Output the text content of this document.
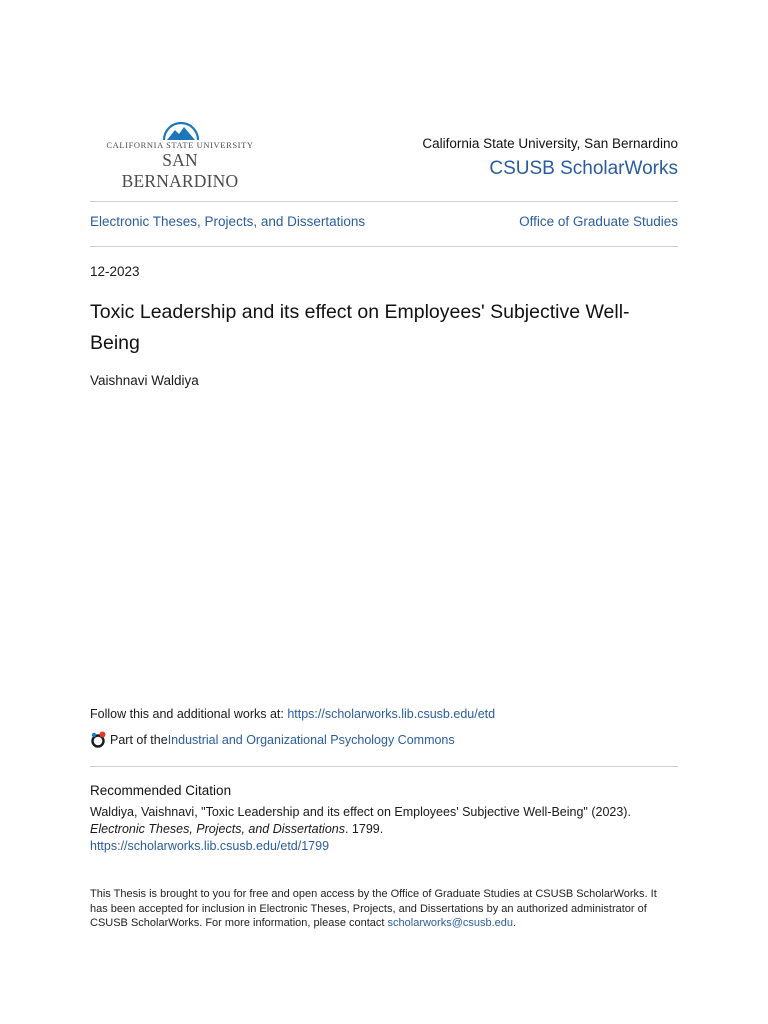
CALIFORNIA STATE UNIVERSITY
SAN BERNARDINO
California State University, San Bernardino
CSUSB ScholarWorks
Electronic Theses, Projects, and Dissertations	Office of Graduate Studies
12-2023
Toxic Leadership and its effect on Employees' Subjective Well-Being
Vaishnavi Waldiya
Follow this and additional works at: https://scholarworks.lib.csusb.edu/etd
Part of the Industrial and Organizational Psychology Commons
Recommended Citation
Waldiya, Vaishnavi, "Toxic Leadership and its effect on Employees' Subjective Well-Being" (2023).
Electronic Theses, Projects, and Dissertations. 1799.
https://scholarworks.lib.csusb.edu/etd/1799
This Thesis is brought to you for free and open access by the Office of Graduate Studies at CSUSB ScholarWorks. It
has been accepted for inclusion in Electronic Theses, Projects, and Dissertations by an authorized administrator of
CSUSB ScholarWorks. For more information, please contact scholarworks@csusb.edu.
